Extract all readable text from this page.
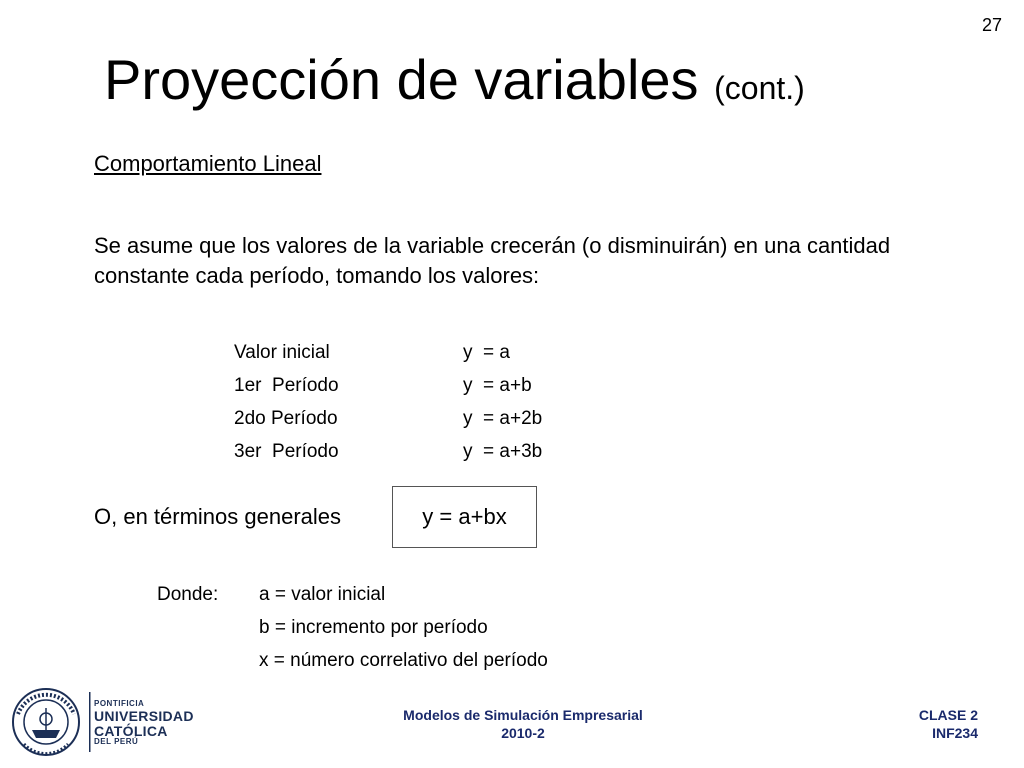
27
Proyección de variables (cont.)
Comportamiento Lineal
Se asume que los valores de la variable crecerán (o disminuirán) en una cantidad constante cada período, tomando los valores:
Valor inicial	y  = a
1er  Período	y  = a+b
2do Período	y  = a+2b
3er  Período	y  = a+3b
O, en términos generales	y = a+bx
Donde: a = valor inicial
b = incremento por período
x = número correlativo del período
PONTIFICIA
UNIVERSIDAD
CATÓLICA
DEL PERÚ
Modelos de Simulación Empresarial
2010-2
CLASE 2
INF234
